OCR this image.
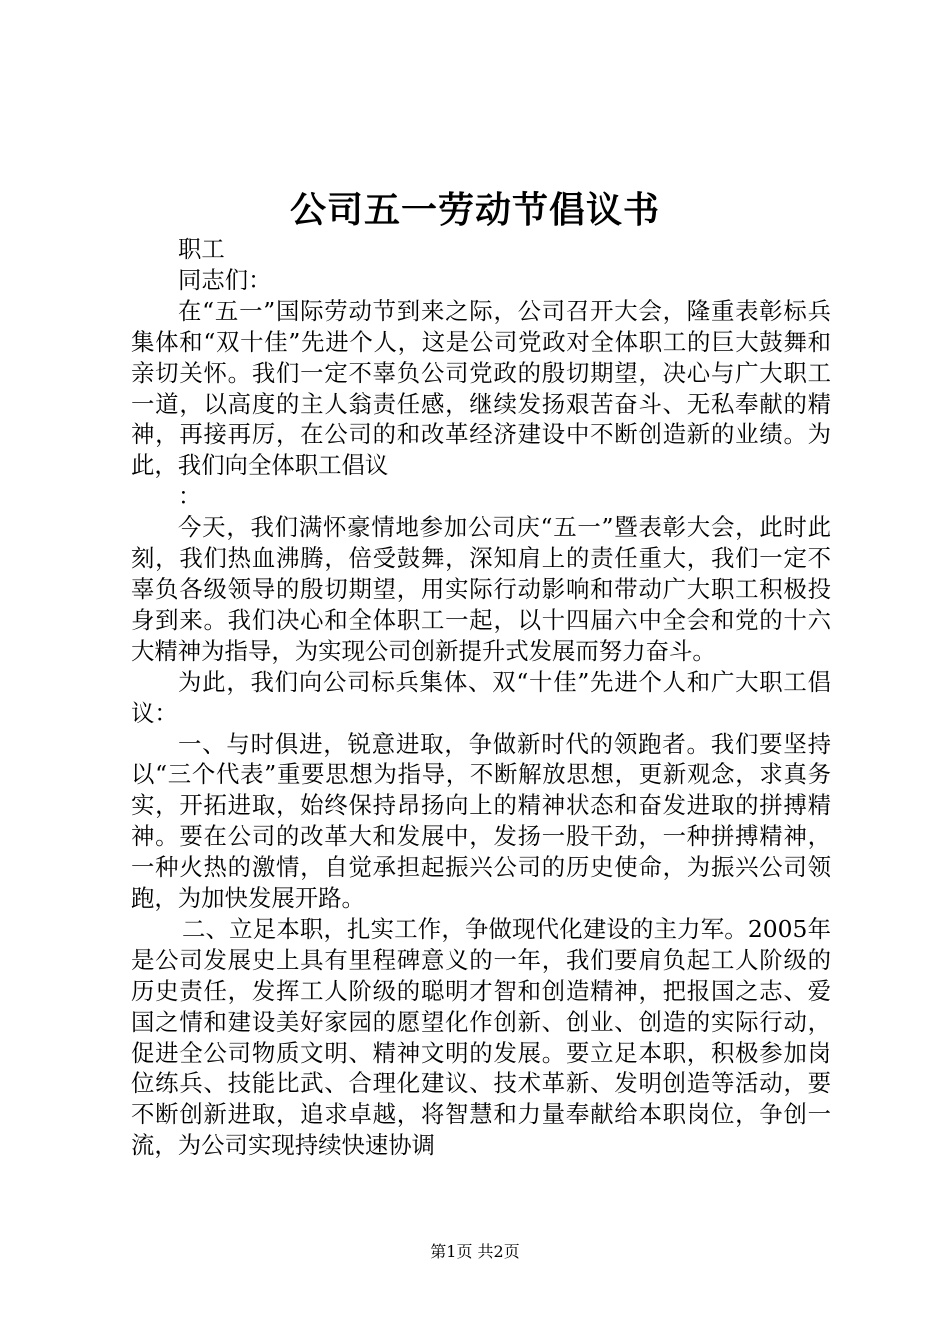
公司五一劳动节倡议书

职工

同志们：

在“五一”国际劳动节到来之际，公司召开大会，隆重表彰标兵集体和“双十佳”先进个人，这是公司党政对全体职工的巨大鼓舞和亲切关怀。我们一定不辜负公司党政的殷切期望，决心与广大职工一道，以高度的主人翁责任感，继续发扬艰苦奋斗、无私奉献的精神，再接再厉，在公司的和改革经济建设中不断创造新的业绩。为此，我们向全体职工倡议

：

今天，我们满怀豪情地参加公司庆“五一”暨表彰大会，此时此刻，我们热血沸腾，倍受鼓舞，深知肩上的责任重大，我们一定不辜负各级领导的殷切期望，用实际行动影响和带动广大职工积极投身到来。我们决心和全体职工一起，以十四届六中全会和党的十六大精神为指导，为实现公司创新提升式发展而努力奋斗。

为此，我们向公司标兵集体、双“十佳”先进个人和广大职工倡议：

一、与时俱进，锐意进取，争做新时代的领跑者。我们要坚持以“三个代表”重要思想为指导，不断解放思想，更新观念，求真务实，开拓进取，始终保持昂扬向上的精神状态和奋发进取的拼搏精神。要在公司的改革大和发展中，发扬一股干劲，一种拼搏精神，一种火热的激情，自觉承担起振兴公司的历史使命，为振兴公司领跑，为加快发展开路。

二、立足本职，扎实工作，争做现代化建设的主力军。2005年是公司发展史上具有里程碑意义的一年，我们要肩负起工人阶级的历史责任，发挥工人阶级的聪明才智和创造精神，把报国之志、爱国之情和建设美好家园的愿望化作创新、创业、创造的实际行动，促进全公司物质文明、精神文明的发展。要立足本职，积极参加岗位练兵、技能比武、合理化建议、技术革新、发明创造等活动，要不断创新进取，追求卓越，将智慧和力量奉献给本职岗位，争创一流，为公司实现持续快速协调

第1页 共2页
